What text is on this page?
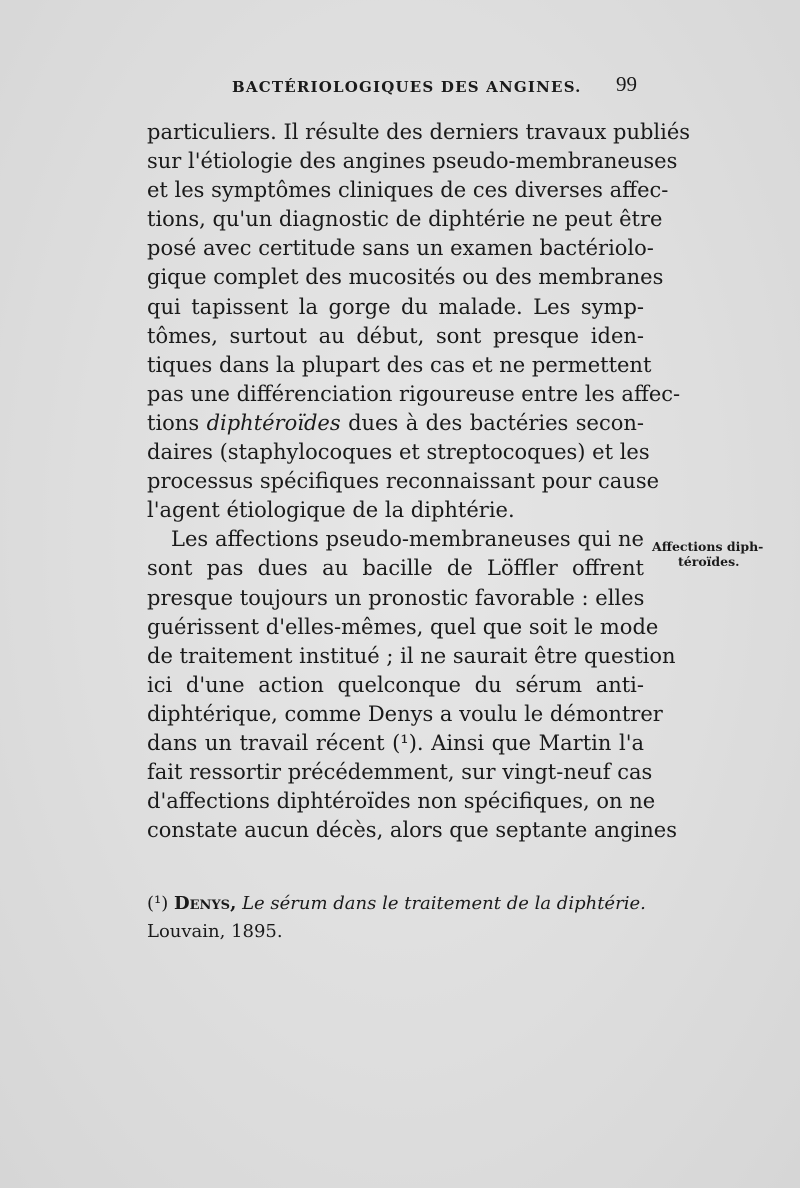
BACTÉRIOLOGIQUES DES ANGINES. 99
particuliers. Il résulte des derniers travaux publiés
sur l'étiologie des angines pseudo-membraneuses
et les symptômes cliniques de ces diverses affec-
tions, qu'un diagnostic de diphtérie ne peut être
posé avec certitude sans un examen bactériolo-
gique complet des mucosités ou des membranes
qui tapissent la gorge du malade. Les symp-
tômes, surtout au début, sont presque iden-
tiques dans la plupart des cas et ne permettent
pas une différenciation rigoureuse entre les affec-
tions diphtéroïdes dues à des bactéries secon-
daires (staphylocoques et streptocoques) et les
processus spécifiques reconnaissant pour cause
l'agent étiologique de la diphtérie.
Les affections pseudo-membraneuses qui ne
sont pas dues au bacille de Löffler offrent
presque toujours un pronostic favorable : elles
guérissent d'elles-mêmes, quel que soit le mode
de traitement institué ; il ne saurait être question
ici d'une action quelconque du sérum anti-
diphtérique, comme Denys a voulu le démontrer
dans un travail récent (¹). Ainsi que Martin l'a
fait ressortir précédemment, sur vingt-neuf cas
d'affections diphtéroïdes non spécifiques, on ne
constate aucun décès, alors que septante angines
Affections diph-
téroïdes.
(¹) Denys, Le sérum dans le traitement de la diphtérie.
Louvain, 1895.
